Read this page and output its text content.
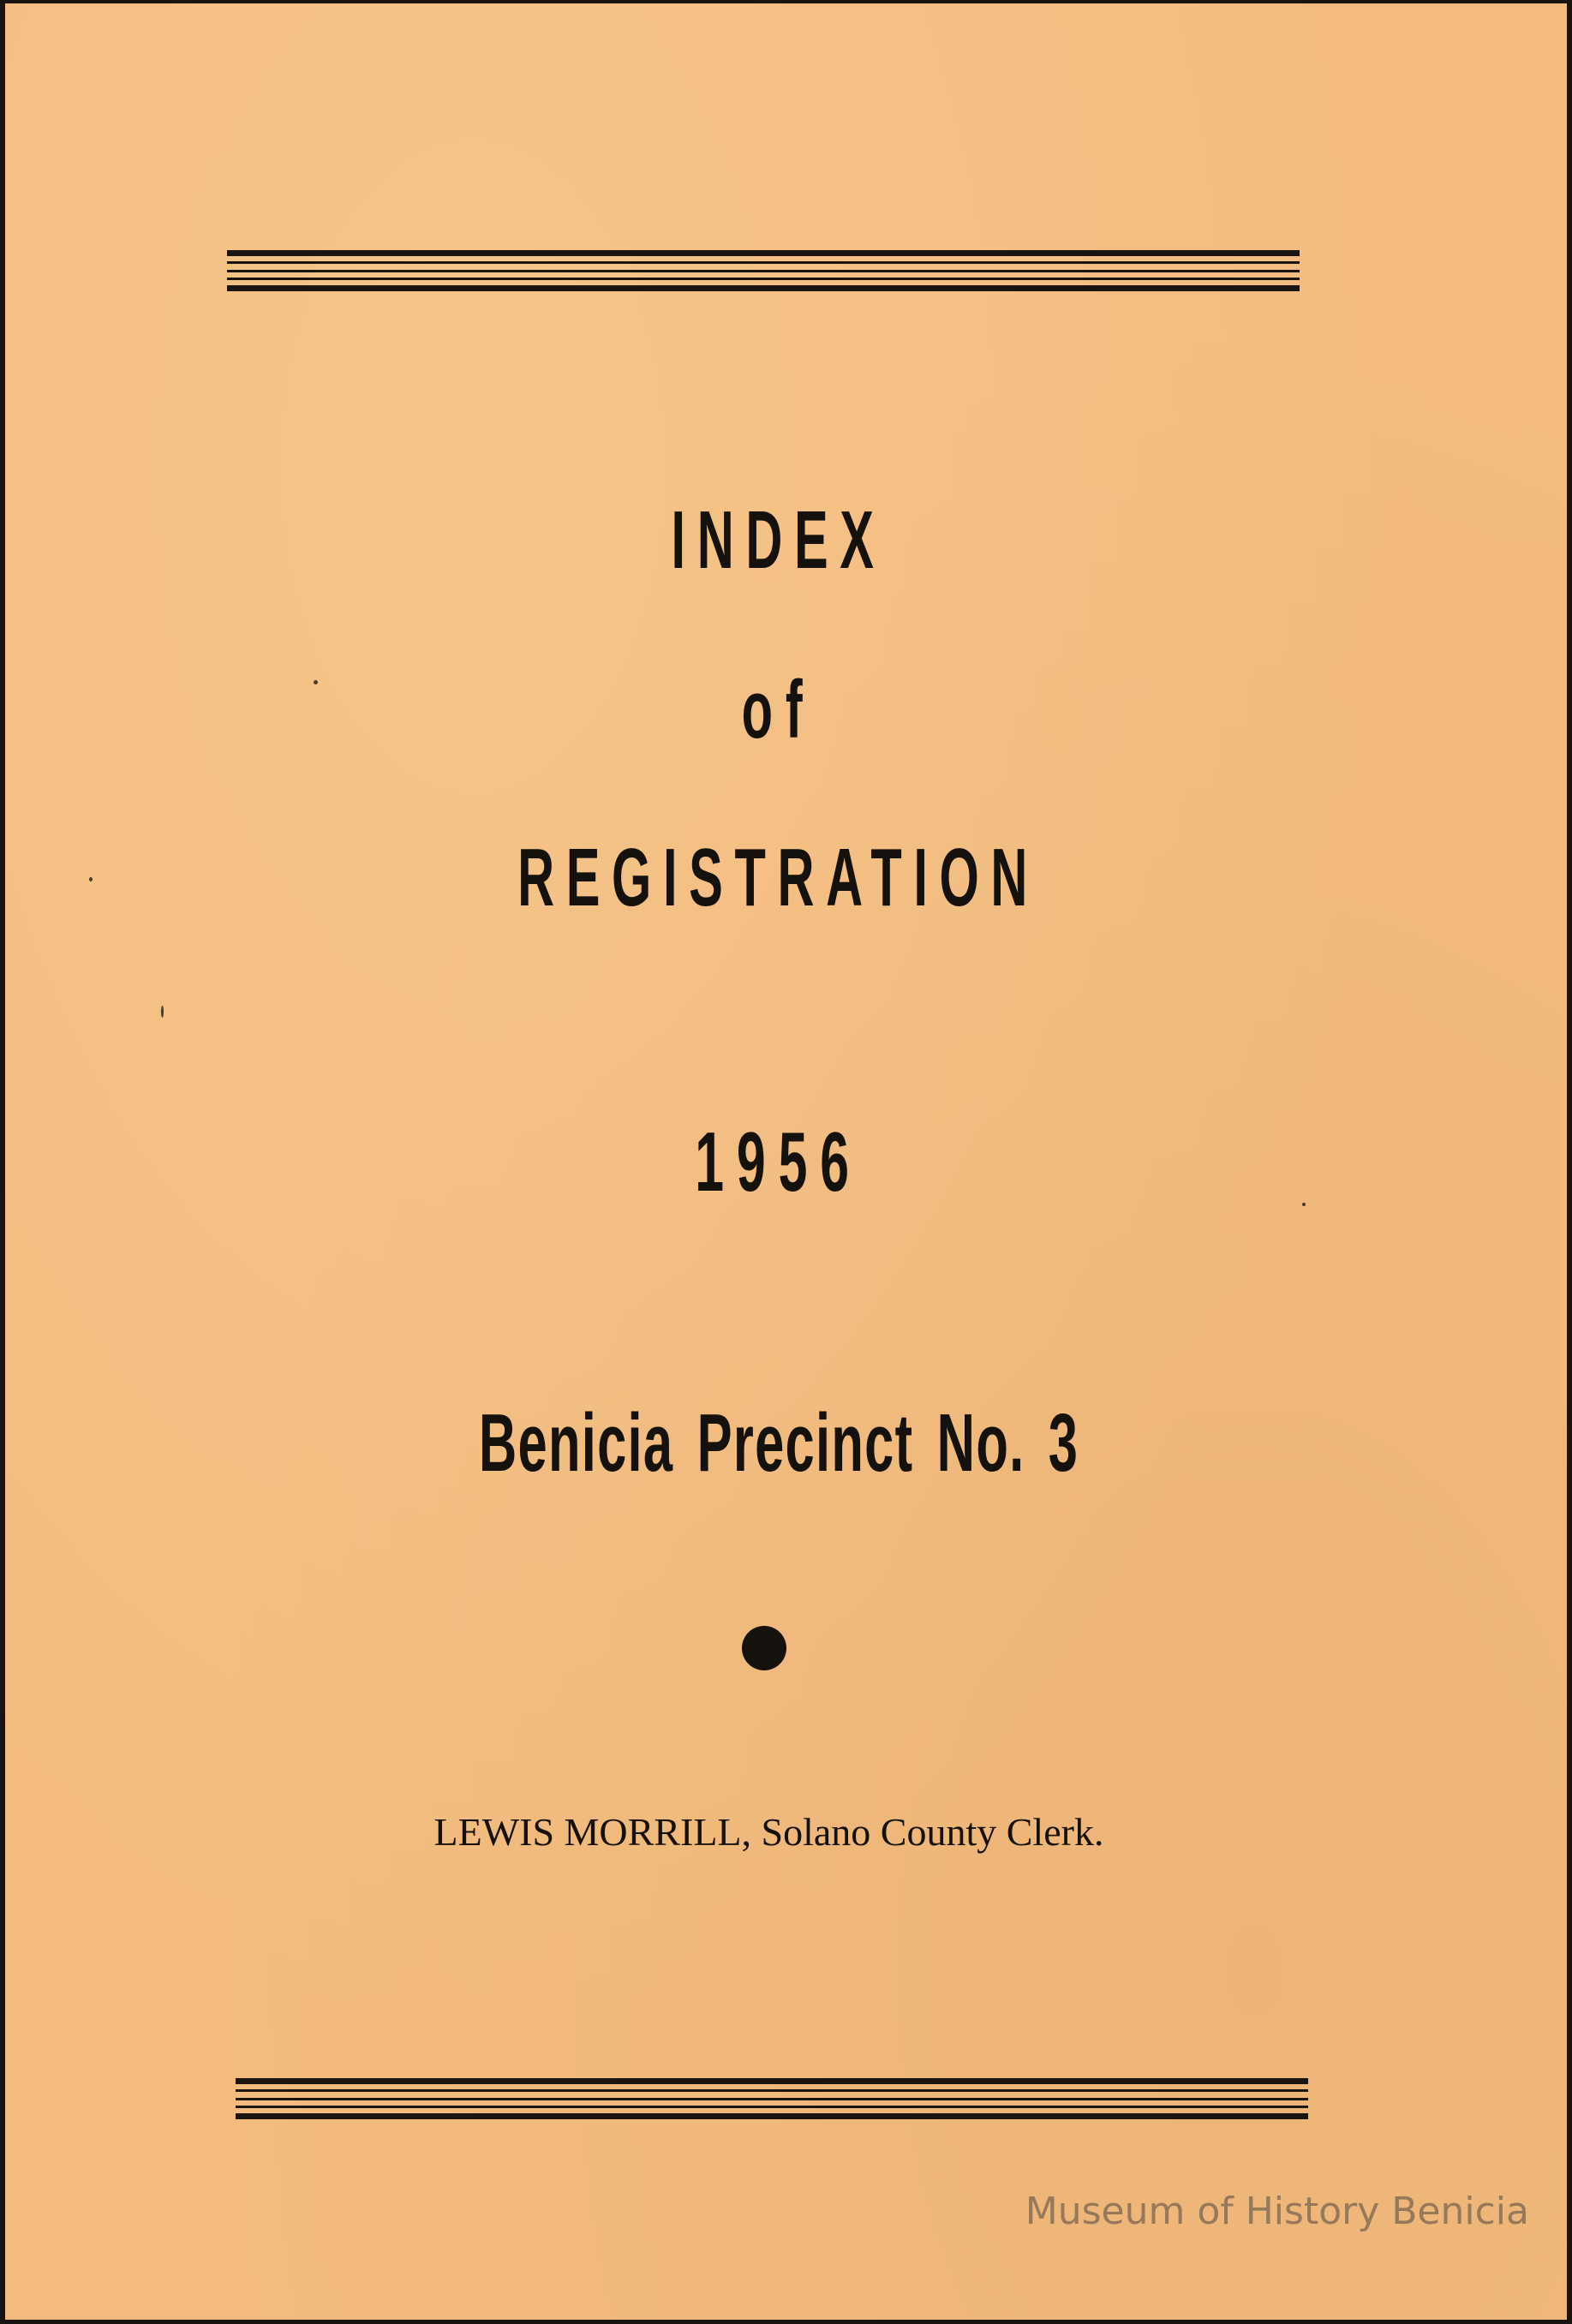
INDEX
of
REGISTRATION
1956
Benicia Precinct No. 3
LEWIS MORRILL, Solano County Clerk.
Museum of History Benicia
